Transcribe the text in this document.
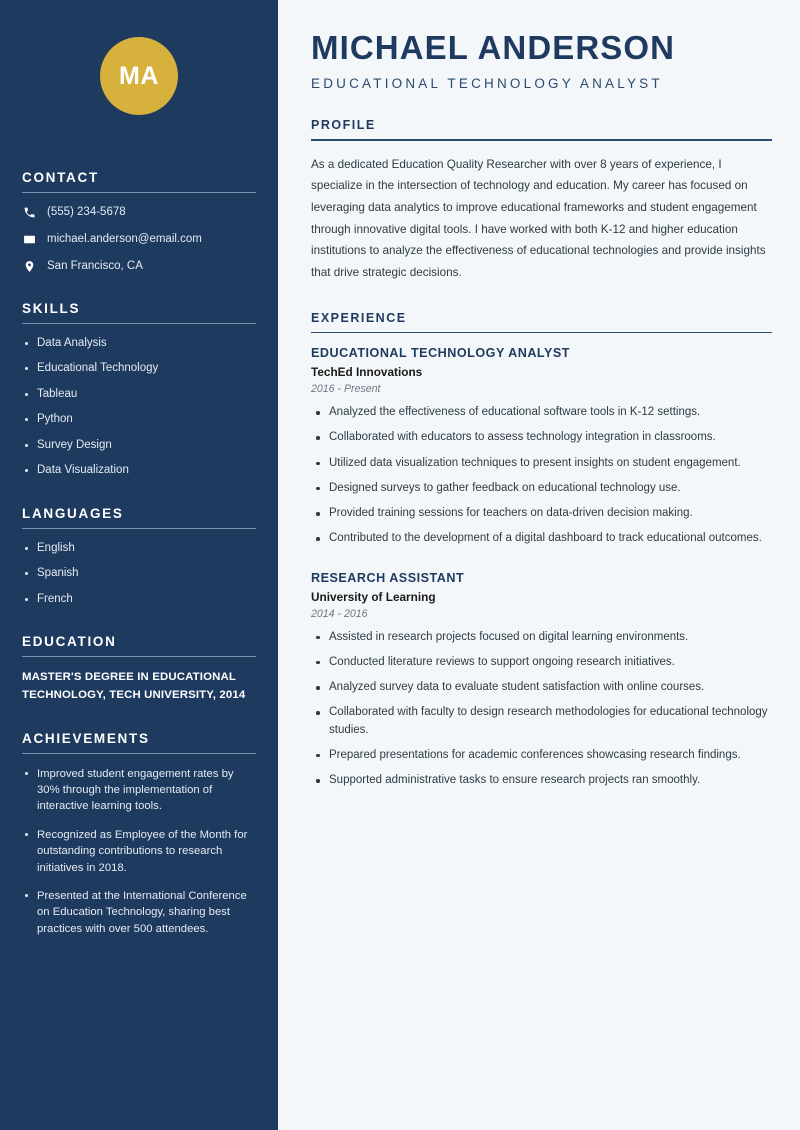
MA
CONTACT
(555) 234-5678
michael.anderson@email.com
San Francisco, CA
SKILLS
Data Analysis
Educational Technology
Tableau
Python
Survey Design
Data Visualization
LANGUAGES
English
Spanish
French
EDUCATION
MASTER'S DEGREE IN EDUCATIONAL TECHNOLOGY, TECH UNIVERSITY, 2014
ACHIEVEMENTS
Improved student engagement rates by 30% through the implementation of interactive learning tools.
Recognized as Employee of the Month for outstanding contributions to research initiatives in 2018.
Presented at the International Conference on Education Technology, sharing best practices with over 500 attendees.
MICHAEL ANDERSON
EDUCATIONAL TECHNOLOGY ANALYST
PROFILE

As a dedicated Education Quality Researcher with over 8 years of experience, I specialize in the intersection of technology and education. My career has focused on leveraging data analytics to improve educational frameworks and student engagement through innovative digital tools. I have worked with both K-12 and higher education institutions to analyze the effectiveness of educational technologies and provide insights that drive strategic decisions.

EXPERIENCE
EDUCATIONAL TECHNOLOGY ANALYST
TechEd Innovations
2016 - Present
Analyzed the effectiveness of educational software tools in K-12 settings.
Collaborated with educators to assess technology integration in classrooms.
Utilized data visualization techniques to present insights on student engagement.
Designed surveys to gather feedback on educational technology use.
Provided training sessions for teachers on data-driven decision making.
Contributed to the development of a digital dashboard to track educational outcomes.
RESEARCH ASSISTANT
University of Learning
2014 - 2016
Assisted in research projects focused on digital learning environments.
Conducted literature reviews to support ongoing research initiatives.
Analyzed survey data to evaluate student satisfaction with online courses.
Collaborated with faculty to design research methodologies for educational technology studies.
Prepared presentations for academic conferences showcasing research findings.
Supported administrative tasks to ensure research projects ran smoothly.
